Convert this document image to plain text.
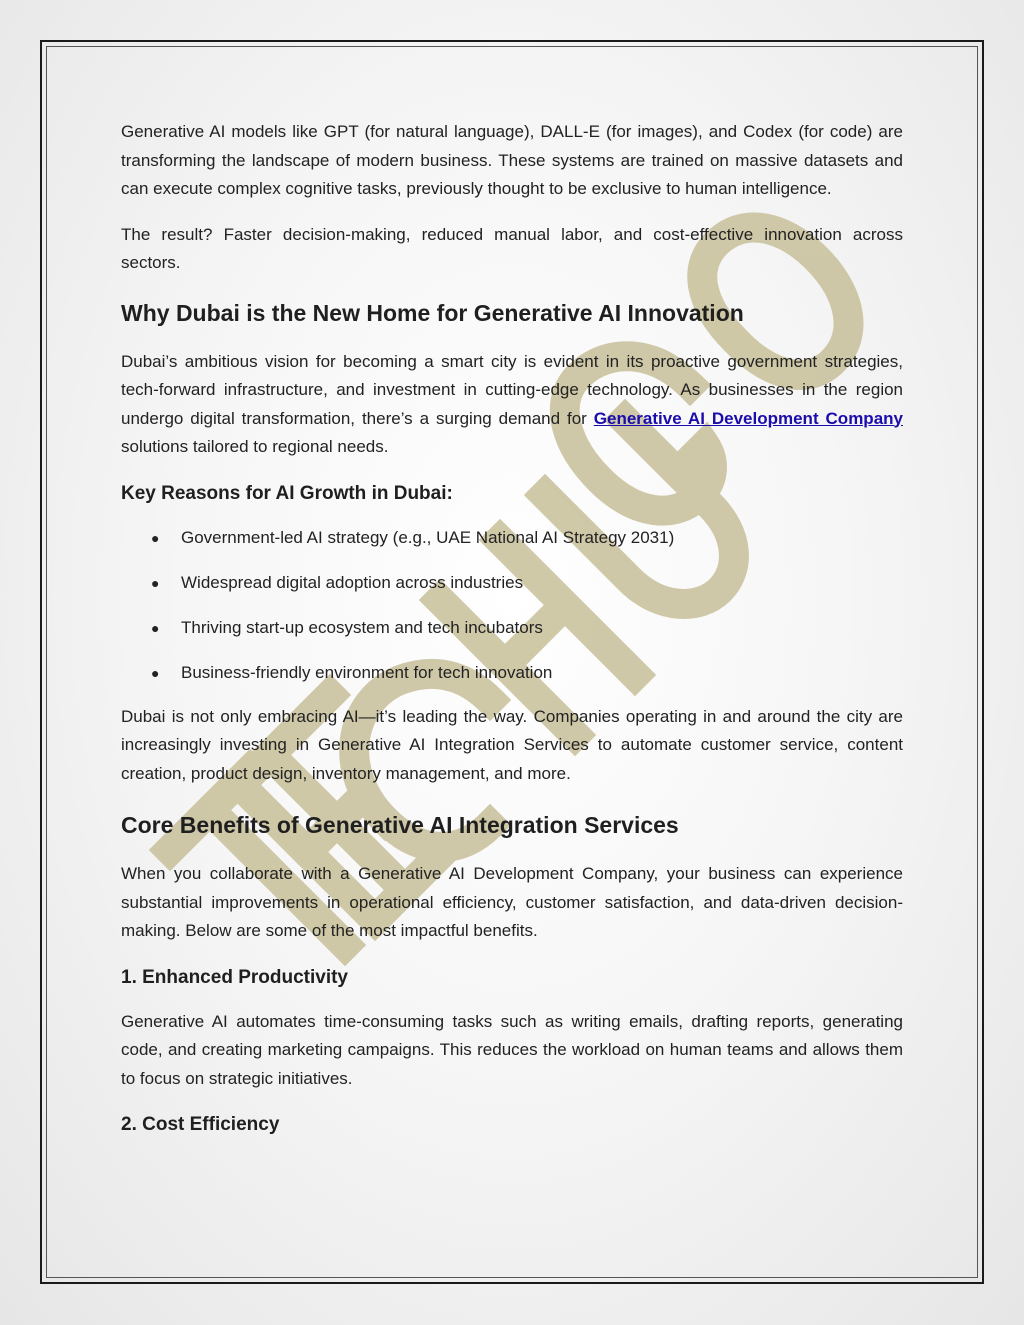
Generative AI models like GPT (for natural language), DALL-E (for images), and Codex (for code) are transforming the landscape of modern business. These systems are trained on massive datasets and can execute complex cognitive tasks, previously thought to be exclusive to human intelligence.

The result? Faster decision-making, reduced manual labor, and cost-effective innovation across sectors.

Why Dubai is the New Home for Generative AI Innovation

Dubai’s ambitious vision for becoming a smart city is evident in its proactive government strategies, tech-forward infrastructure, and investment in cutting-edge technology. As businesses in the region undergo digital transformation, there’s a surging demand for Generative AI Development Company solutions tailored to regional needs.

Key Reasons for AI Growth in Dubai:
● Government-led AI strategy (e.g., UAE National AI Strategy 2031)
● Widespread digital adoption across industries
● Thriving start-up ecosystem and tech incubators
● Business-friendly environment for tech innovation

Dubai is not only embracing AI—it’s leading the way. Companies operating in and around the city are increasingly investing in Generative AI Integration Services to automate customer service, content creation, product design, inventory management, and more.

Core Benefits of Generative AI Integration Services

When you collaborate with a Generative AI Development Company, your business can experience substantial improvements in operational efficiency, customer satisfaction, and data-driven decision-making. Below are some of the most impactful benefits.

1. Enhanced Productivity

Generative AI automates time-consuming tasks such as writing emails, drafting reports, generating code, and creating marketing campaigns. This reduces the workload on human teams and allows them to focus on strategic initiatives.

2. Cost Efficiency
